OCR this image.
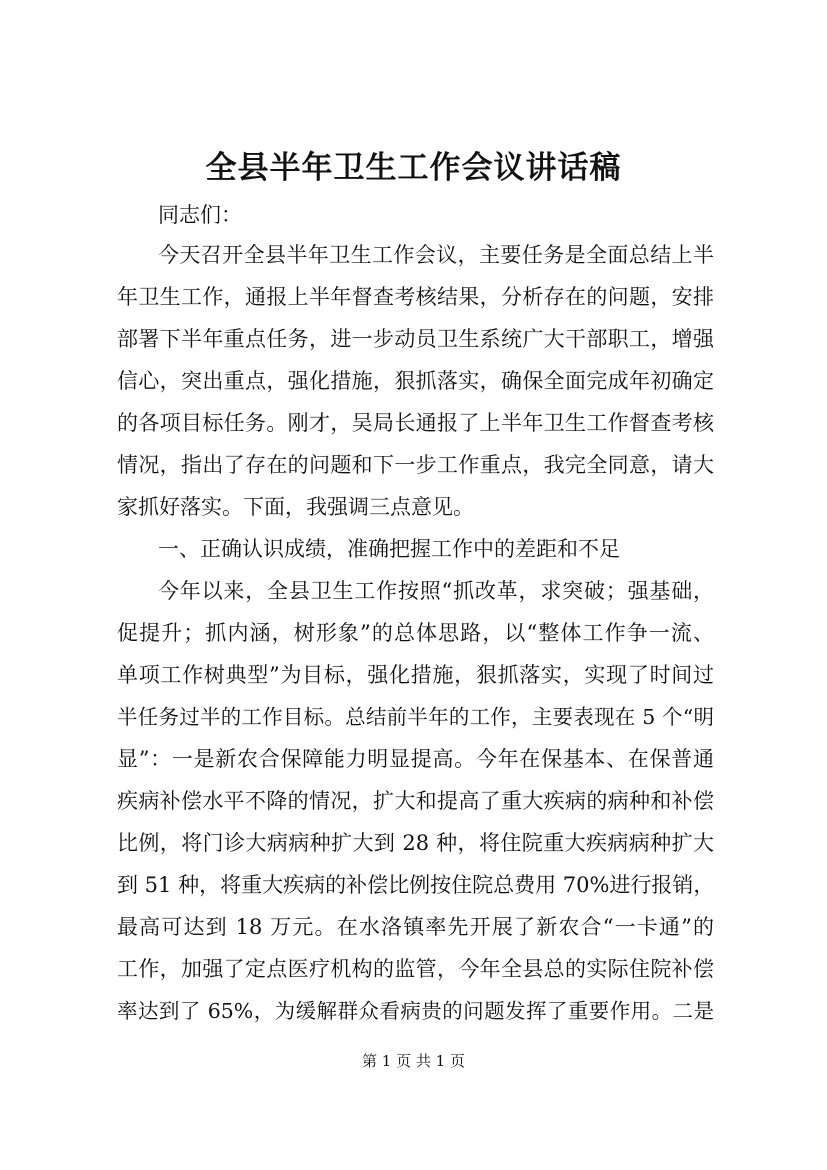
全县半年卫生工作会议讲话稿
同志们：
今天召开全县半年卫生工作会议，主要任务是全面总结上半
年卫生工作，通报上半年督查考核结果，分析存在的问题，安排
部署下半年重点任务，进一步动员卫生系统广大干部职工，增强
信心，突出重点，强化措施，狠抓落实，确保全面完成年初确定
的各项目标任务。刚才，吴局长通报了上半年卫生工作督查考核
情况，指出了存在的问题和下一步工作重点，我完全同意，请大
家抓好落实。下面，我强调三点意见。
一、正确认识成绩，准确把握工作中的差距和不足
今年以来，全县卫生工作按照“抓改革，求突破；强基础，
促提升；抓内涵，树形象”的总体思路，以“整体工作争一流、
单项工作树典型”为目标，强化措施，狠抓落实，实现了时间过
半任务过半的工作目标。总结前半年的工作，主要表现在 5 个“明
显”：一是新农合保障能力明显提高。今年在保基本、在保普通
疾病补偿水平不降的情况，扩大和提高了重大疾病的病种和补偿
比例，将门诊大病病种扩大到 28 种，将住院重大疾病病种扩大
到 51 种，将重大疾病的补偿比例按住院总费用 70%进行报销，
最高可达到 18 万元。在水洛镇率先开展了新农合“一卡通”的
工作，加强了定点医疗机构的监管，今年全县总的实际住院补偿
率达到了 65%，为缓解群众看病贵的问题发挥了重要作用。二是
第 1 页 共 1 页
